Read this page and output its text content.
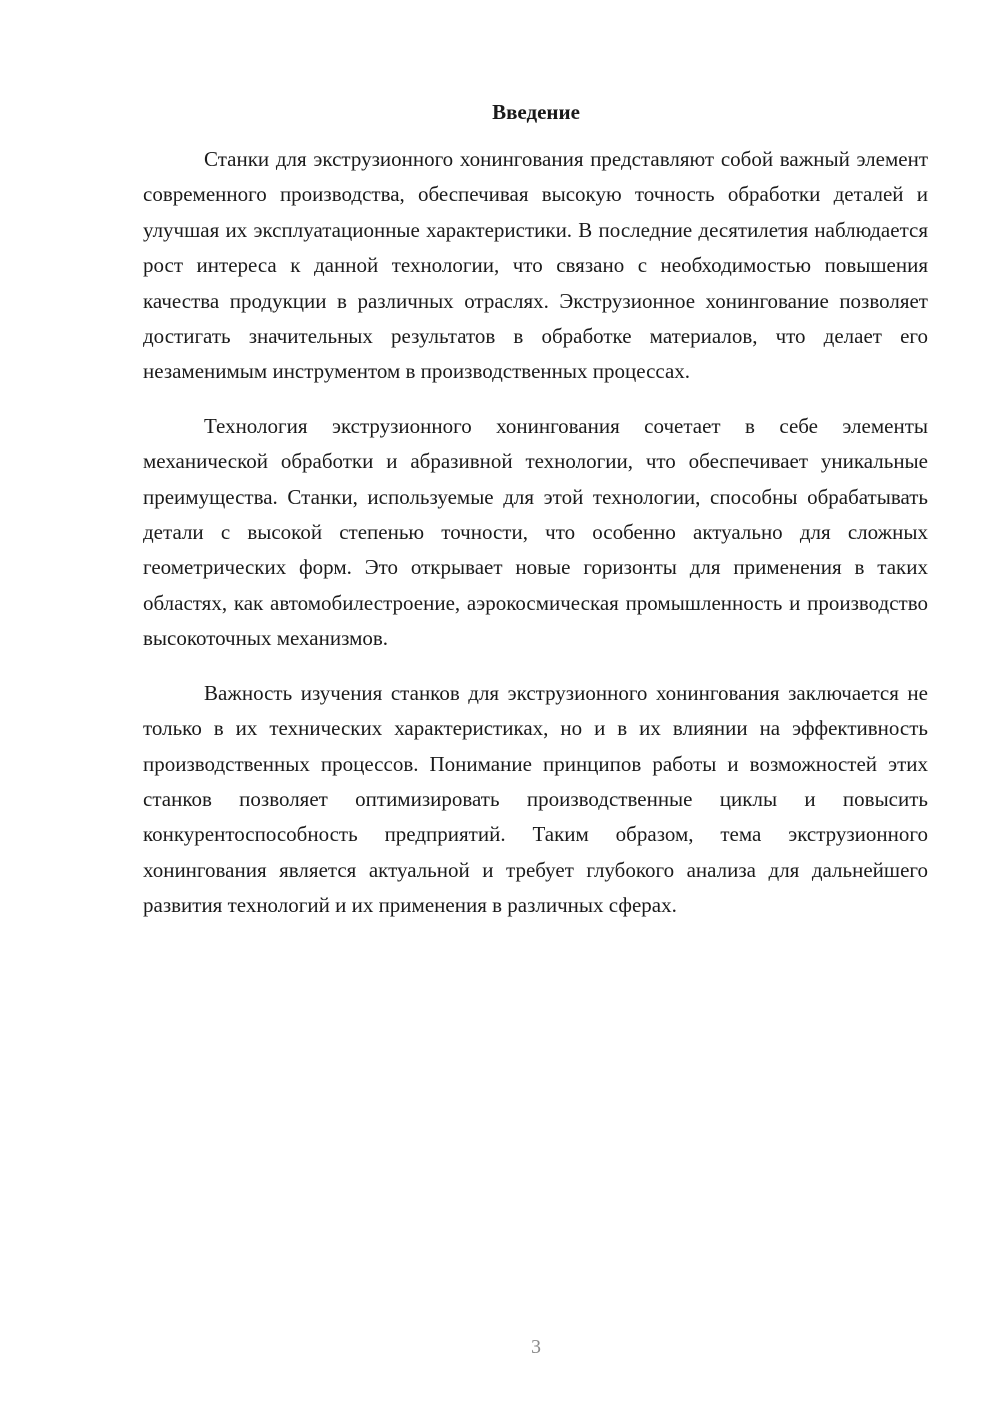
Введение

Станки для экструзионного хонингования представляют собой важный элемент современного производства, обеспечивая высокую точность обработки деталей и улучшая их эксплуатационные характеристики. В последние десятилетия наблюдается рост интереса к данной технологии, что связано с необходимостью повышения качества продукции в различных отраслях. Экструзионное хонингование позволяет достигать значительных результатов в обработке материалов, что делает его незаменимым инструментом в производственных процессах.

Технология экструзионного хонингования сочетает в себе элементы механической обработки и абразивной технологии, что обеспечивает уникальные преимущества. Станки, используемые для этой технологии, способны обрабатывать детали с высокой степенью точности, что особенно актуально для сложных геометрических форм. Это открывает новые горизонты для применения в таких областях, как автомобилестроение, аэрокосмическая промышленность и производство высокоточных механизмов.

Важность изучения станков для экструзионного хонингования заключается не только в их технических характеристиках, но и в их влиянии на эффективность производственных процессов. Понимание принципов работы и возможностей этих станков позволяет оптимизировать производственные циклы и повысить конкурентоспособность предприятий. Таким образом, тема экструзионного хонингования является актуальной и требует глубокого анализа для дальнейшего развития технологий и их применения в различных сферах.

3
